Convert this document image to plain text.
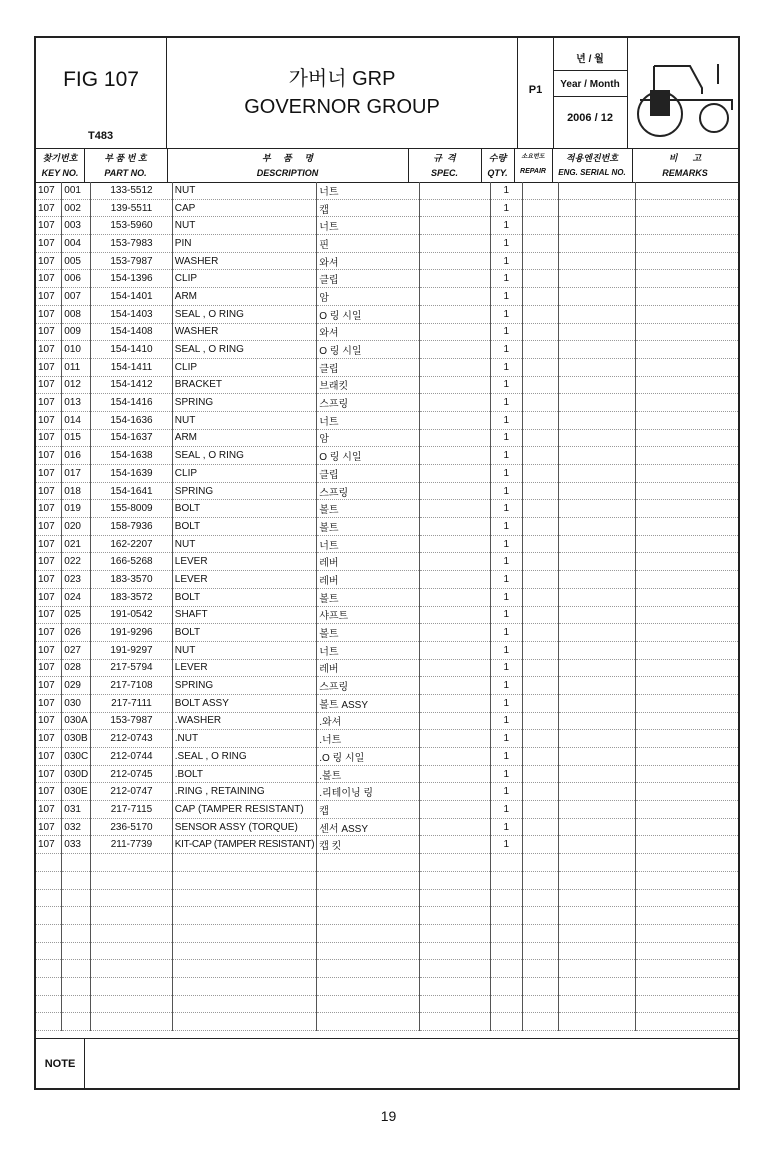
FIG 107
T483
가버너 GRP
GOVERNOR GROUP
P1
년 / 월
Year / Month
2006 / 12
찾기번호
KEY NO.
부 품 번 호
PART NO.
부     품     명
DESCRIPTION
규  격
SPEC.
수량
QTY.
소요번도
REPAIR
적용엔진번호
ENG. SERIAL NO.
비      고
REMARKS
107	001	133-5512	NUT	너트		1			
107	002	139-5511	CAP	캡		1			
107	003	153-5960	NUT	너트		1			
107	004	153-7983	PIN	핀		1			
107	005	153-7987	WASHER	와셔		1			
107	006	154-1396	CLIP	클립		1			
107	007	154-1401	ARM	암		1			
107	008	154-1403	SEAL , O RING	O 링 시일		1			
107	009	154-1408	WASHER	와셔		1			
107	010	154-1410	SEAL , O RING	O 링 시일		1			
107	011	154-1411	CLIP	클립		1			
107	012	154-1412	BRACKET	브래킷		1			
107	013	154-1416	SPRING	스프링		1			
107	014	154-1636	NUT	너트		1			
107	015	154-1637	ARM	암		1			
107	016	154-1638	SEAL , O RING	O 링 시일		1			
107	017	154-1639	CLIP	클립		1			
107	018	154-1641	SPRING	스프링		1			
107	019	155-8009	BOLT	볼트		1			
107	020	158-7936	BOLT	볼트		1			
107	021	162-2207	NUT	너트		1			
107	022	166-5268	LEVER	레버		1			
107	023	183-3570	LEVER	레버		1			
107	024	183-3572	BOLT	볼트		1			
107	025	191-0542	SHAFT	샤프트		1			
107	026	191-9296	BOLT	볼트		1			
107	027	191-9297	NUT	너트		1			
107	028	217-5794	LEVER	레버		1			
107	029	217-7108	SPRING	스프링		1			
107	030	217-7111	BOLT ASSY	볼트 ASSY		1			
107	030A	153-7987	.WASHER	.와셔		1			
107	030B	212-0743	.NUT	.너트		1			
107	030C	212-0744	.SEAL , O RING	.O 링 시일		1			
107	030D	212-0745	.BOLT	.볼트		1			
107	030E	212-0747	.RING , RETAINING	.리테이닝 링		1			
107	031	217-7115	CAP (TAMPER RESISTANT)	캡		1			
107	032	236-5170	SENSOR ASSY (TORQUE)	센서 ASSY		1			
107	033	211-7739	KIT-CAP (TAMPER RESISTANT)	캡 킷		1			

NOTE
19
